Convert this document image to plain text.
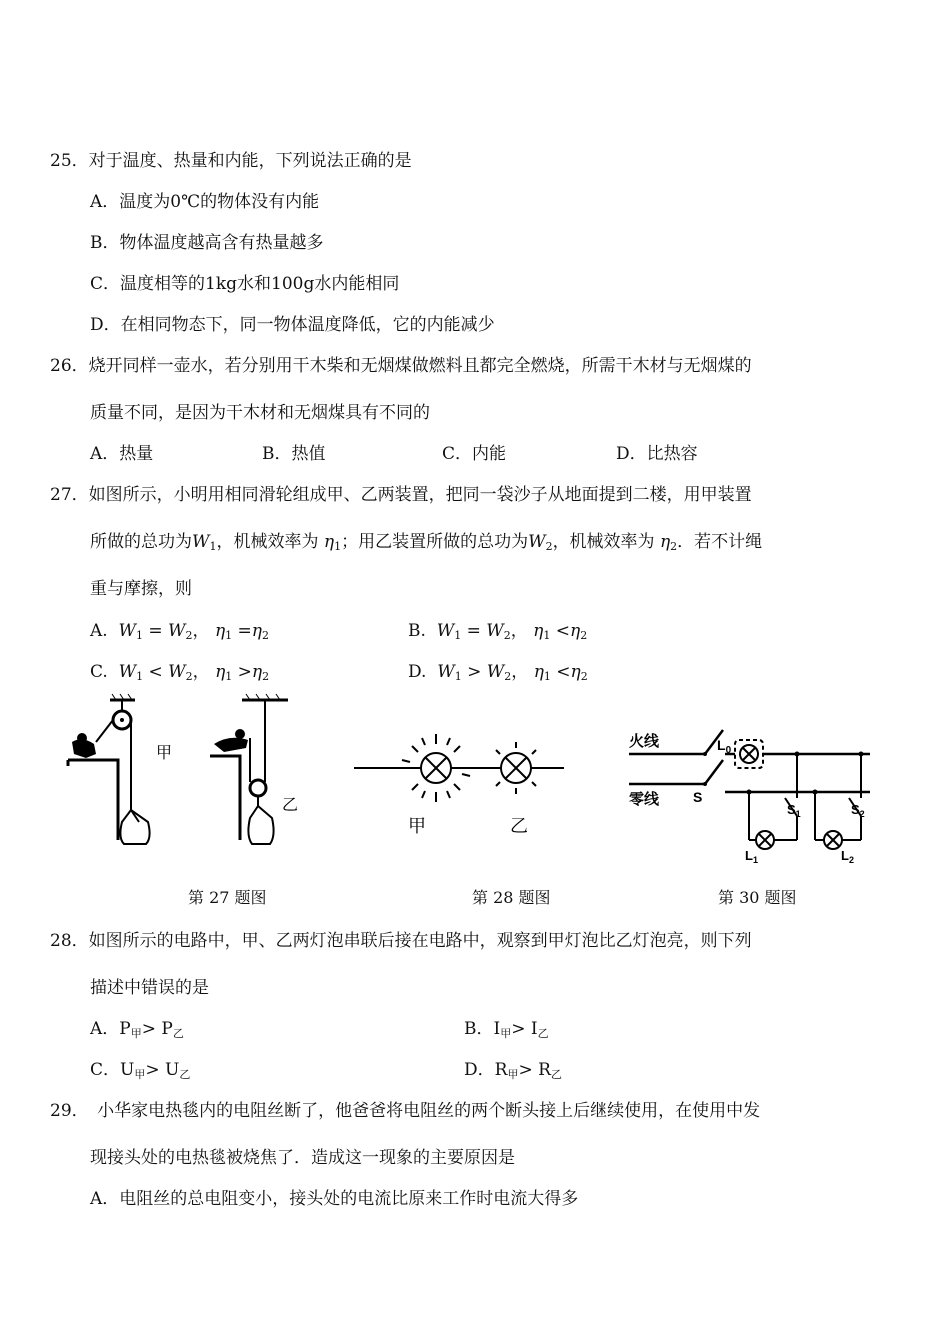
25．对于温度、热量和内能，下列说法正确的是
A．温度为0℃的物体没有内能
B．物体温度越高含有热量越多
C．温度相等的1kg水和100g水内能相同
D．在相同物态下，同一物体温度降低，它的内能减少
26．烧开同样一壶水，若分别用干木柴和无烟煤做燃料且都完全燃烧，所需干木材与无烟煤的
质量不同，是因为干木材和无烟煤具有不同的
A．热量	B．热值	C．内能	D．比热容
27．如图所示，小明用相同滑轮组成甲、乙两装置，把同一袋沙子从地面提到二楼，用甲装置
所做的总功为$W_1$，机械效率为 $\eta_1$；用乙装置所做的总功为$W_2$，机械效率为 $\eta_2$．若不计绳
重与摩擦，则
A. $W_1 = W_2$， $\eta_1 =\eta_2$	B. $W_1 = W_2$， $\eta_1 <\eta_2$
C. $W_1 < W_2$， $\eta_1 >\eta_2$	D. $W_1 > W_2$， $\eta_1 <\eta_2$
甲
乙
第 27 题图
甲	乙
第 28 题图
火线
零线 S
$L_0$
$S_1$
$L_1$
$S_2$
$L_2$
第 30 题图
28．如图所示的电路中，甲、乙两灯泡串联后接在电路中，观察到甲灯泡比乙灯泡亮，则下列
描述中错误的是
A．$P_甲> P_乙$	B．$I_甲> I_乙$
C．$U_甲> U_乙$	D．$R_甲> R_乙$
29．　小华家电热毯内的电阻丝断了，他爸爸将电阻丝的两个断头接上后继续使用，在使用中发
现接头处的电热毯被烧焦了．造成这一现象的主要原因是
A．电阻丝的总电阻变小，接头处的电流比原来工作时电流大得多
